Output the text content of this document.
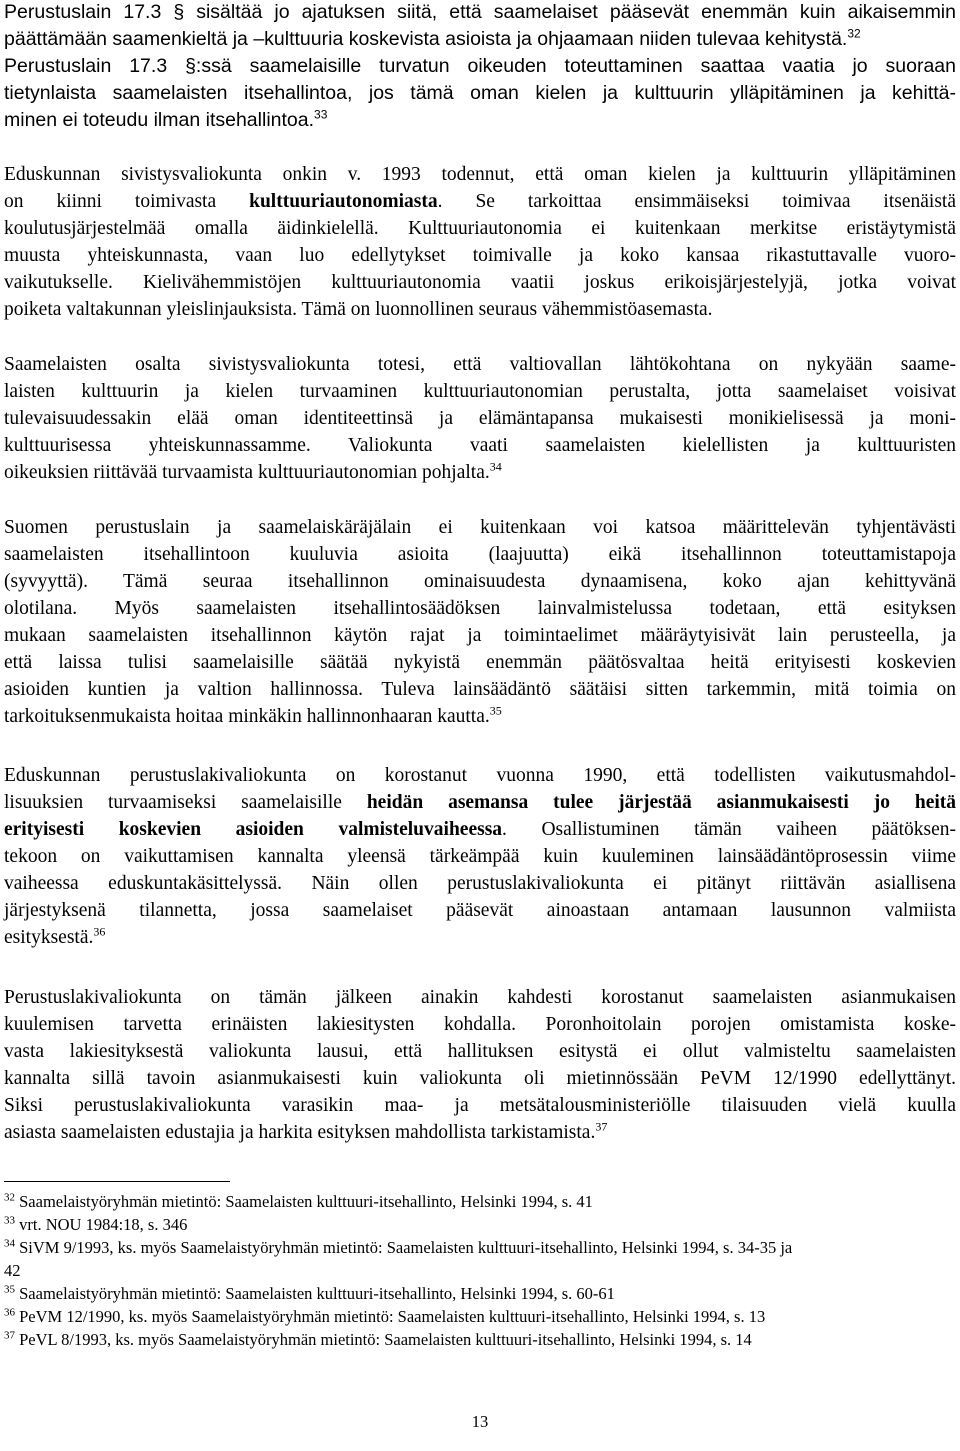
Perustuslain 17.3 § sisältää jo ajatuksen siitä, että saamelaiset pääsevät enemmän kuin aikaisemmin
päättämään saamenkieltä ja –kulttuuria koskevista asioista ja ohjaamaan niiden tulevaa kehitystä.$^{32}$
Perustuslain 17.3 §:ssä saamelaisille turvatun oikeuden toteuttaminen saattaa vaatia jo suoraan
tietynlaista saamelaisten itsehallintoa, jos tämä oman kielen ja kulttuurin ylläpitäminen ja kehittä-
minen ei toteudu ilman itsehallintoa.$^{33}$
Eduskunnan sivistysvaliokunta onkin v. 1993 todennut, että oman kielen ja kulttuurin ylläpitäminen
on kiinni toimivasta kulttuuriautonomiasta. Se tarkoittaa ensimmäiseksi toimivaa itsenäistä
koulutusjärjestelmää omalla äidinkielellä. Kulttuuriautonomia ei kuitenkaan merkitse eristäytymistä
muusta yhteiskunnasta, vaan luo edellytykset toimivalle ja koko kansaa rikastuttavalle vuoro-
vaikutukselle. Kielivähemmistöjen kulttuuriautonomia vaatii joskus erikoisjärjestelyjä, jotka voivat
poiketa valtakunnan yleislinjauksista. Tämä on luonnollinen seuraus vähemmistöasemasta.
Saamelaisten osalta sivistysvaliokunta totesi, että valtiovallan lähtökohtana on nykyään saame-
laisten kulttuurin ja kielen turvaaminen kulttuuriautonomian perustalta, jotta saamelaiset voisivat
tulevaisuudessakin elää oman identiteettinsä ja elämäntapansa mukaisesti monikielisessä ja moni-
kulttuurisessa yhteiskunnassamme. Valiokunta vaati saamelaisten kielellisten ja kulttuuristen
oikeuksien riittävää turvaamista kulttuuriautonomian pohjalta.$^{34}$
Suomen perustuslain ja saamelaiskäräjälain ei kuitenkaan voi katsoa määrittelevän tyhjentävästi
saamelaisten itsehallintoon kuuluvia asioita (laajuutta) eikä itsehallinnon toteuttamistapoja
(syvyyttä). Tämä seuraa itsehallinnon ominaisuudesta dynaamisena, koko ajan kehittyvänä
olotilana. Myös saamelaisten itsehallintosäädöksen lainvalmistelussa todetaan, että esityksen
mukaan saamelaisten itsehallinnon käytön rajat ja toimintaelimet määräytyisivät lain perusteella, ja
että laissa tulisi saamelaisille säätää nykyistä enemmän päätösvaltaa heitä erityisesti koskevien
asioiden kuntien ja valtion hallinnossa. Tuleva lainsäädäntö säätäisi sitten tarkemmin, mitä toimia on
tarkoituksenmukaista hoitaa minkäkin hallinnonhaaran kautta.$^{35}$
Eduskunnan perustuslakivaliokunta on korostanut vuonna 1990, että todellisten vaikutusmahdol-
lisuuksien turvaamiseksi saamelaisille heidän asemansa tulee järjestää asianmukaisesti jo heitä
erityisesti koskevien asioiden valmisteluvaiheessa. Osallistuminen tämän vaiheen päätöksen-
tekoon on vaikuttamisen kannalta yleensä tärkeämpää kuin kuuleminen lainsäädäntöprosessin viime
vaiheessa eduskuntakäsittelyssä. Näin ollen perustuslakivaliokunta ei pitänyt riittävän asiallisena
järjestyksenä tilannetta, jossa saamelaiset pääsevät ainoastaan antamaan lausunnon valmiista
esityksestä.$^{36}$
Perustuslakivaliokunta on tämän jälkeen ainakin kahdesti korostanut saamelaisten asianmukaisen
kuulemisen tarvetta erinäisten lakiesitysten kohdalla. Poronhoitolain porojen omistamista koske-
vasta lakiesityksestä valiokunta lausui, että hallituksen esitystä ei ollut valmisteltu saamelaisten
kannalta sillä tavoin asianmukaisesti kuin valiokunta oli mietinnössään PeVM 12/1990 edellyttänyt.
Siksi perustuslakivaliokunta varasikin maa- ja metsätalousministeriölle tilaisuuden vielä kuulla
asiasta saamelaisten edustajia ja harkita esityksen mahdollista tarkistamista.$^{37}$
$^{32}$ Saamelaistyöryhmän mietintö: Saamelaisten kulttuuri-itsehallinto, Helsinki 1994, s. 41
$^{33}$ vrt. NOU 1984:18, s. 346
$^{34}$ SiVM 9/1993, ks. myös Saamelaistyöryhmän mietintö: Saamelaisten kulttuuri-itsehallinto, Helsinki 1994, s. 34-35 ja
42
$^{35}$ Saamelaistyöryhmän mietintö: Saamelaisten kulttuuri-itsehallinto, Helsinki 1994, s. 60-61
$^{36}$ PeVM 12/1990, ks. myös Saamelaistyöryhmän mietintö: Saamelaisten kulttuuri-itsehallinto, Helsinki 1994, s. 13
$^{37}$ PeVL 8/1993, ks. myös Saamelaistyöryhmän mietintö: Saamelaisten kulttuuri-itsehallinto, Helsinki 1994, s. 14
13
